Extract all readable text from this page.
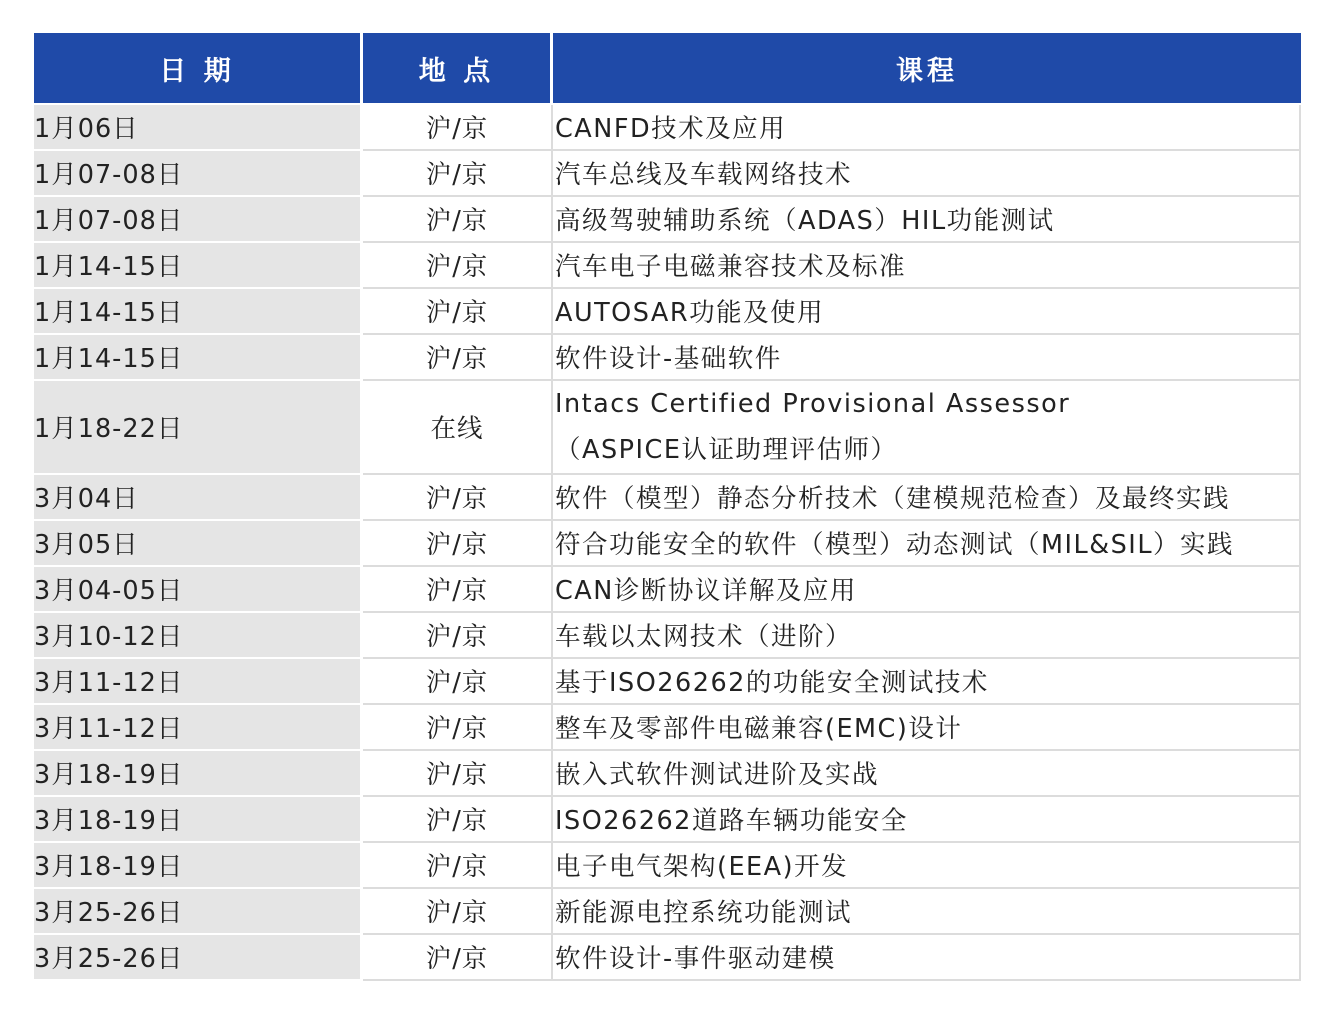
日 期	地 点	课程
1月06日	沪/京	CANFD技术及应用

1月07-08日	沪/京	汽车总线及车载网络技术

1月07-08日	沪/京	高级驾驶辅助系统（ADAS）HIL功能测试

1月14-15日	沪/京	汽车电子电磁兼容技术及标准

1月14-15日	沪/京	AUTOSAR功能及使用

1月14-15日	沪/京	软件设计-基础软件

1月18-22日	在线	Intacs Certified Provisional Assessor
（ASPICE认证助理评估师）

3月04日	沪/京	软件（模型）静态分析技术（建模规范检查）及最终实践

3月05日	沪/京	符合功能安全的软件（模型）动态测试（MIL&SIL）实践

3月04-05日	沪/京	CAN诊断协议详解及应用

3月10-12日	沪/京	车载以太网技术（进阶）

3月11-12日	沪/京	基于ISO26262的功能安全测试技术

3月11-12日	沪/京	整车及零部件电磁兼容(EMC)设计

3月18-19日	沪/京	嵌入式软件测试进阶及实战

3月18-19日	沪/京	ISO26262道路车辆功能安全

3月18-19日	沪/京	电子电气架构(EEA)开发

3月25-26日	沪/京	新能源电控系统功能测试

3月25-26日	沪/京	软件设计-事件驱动建模
